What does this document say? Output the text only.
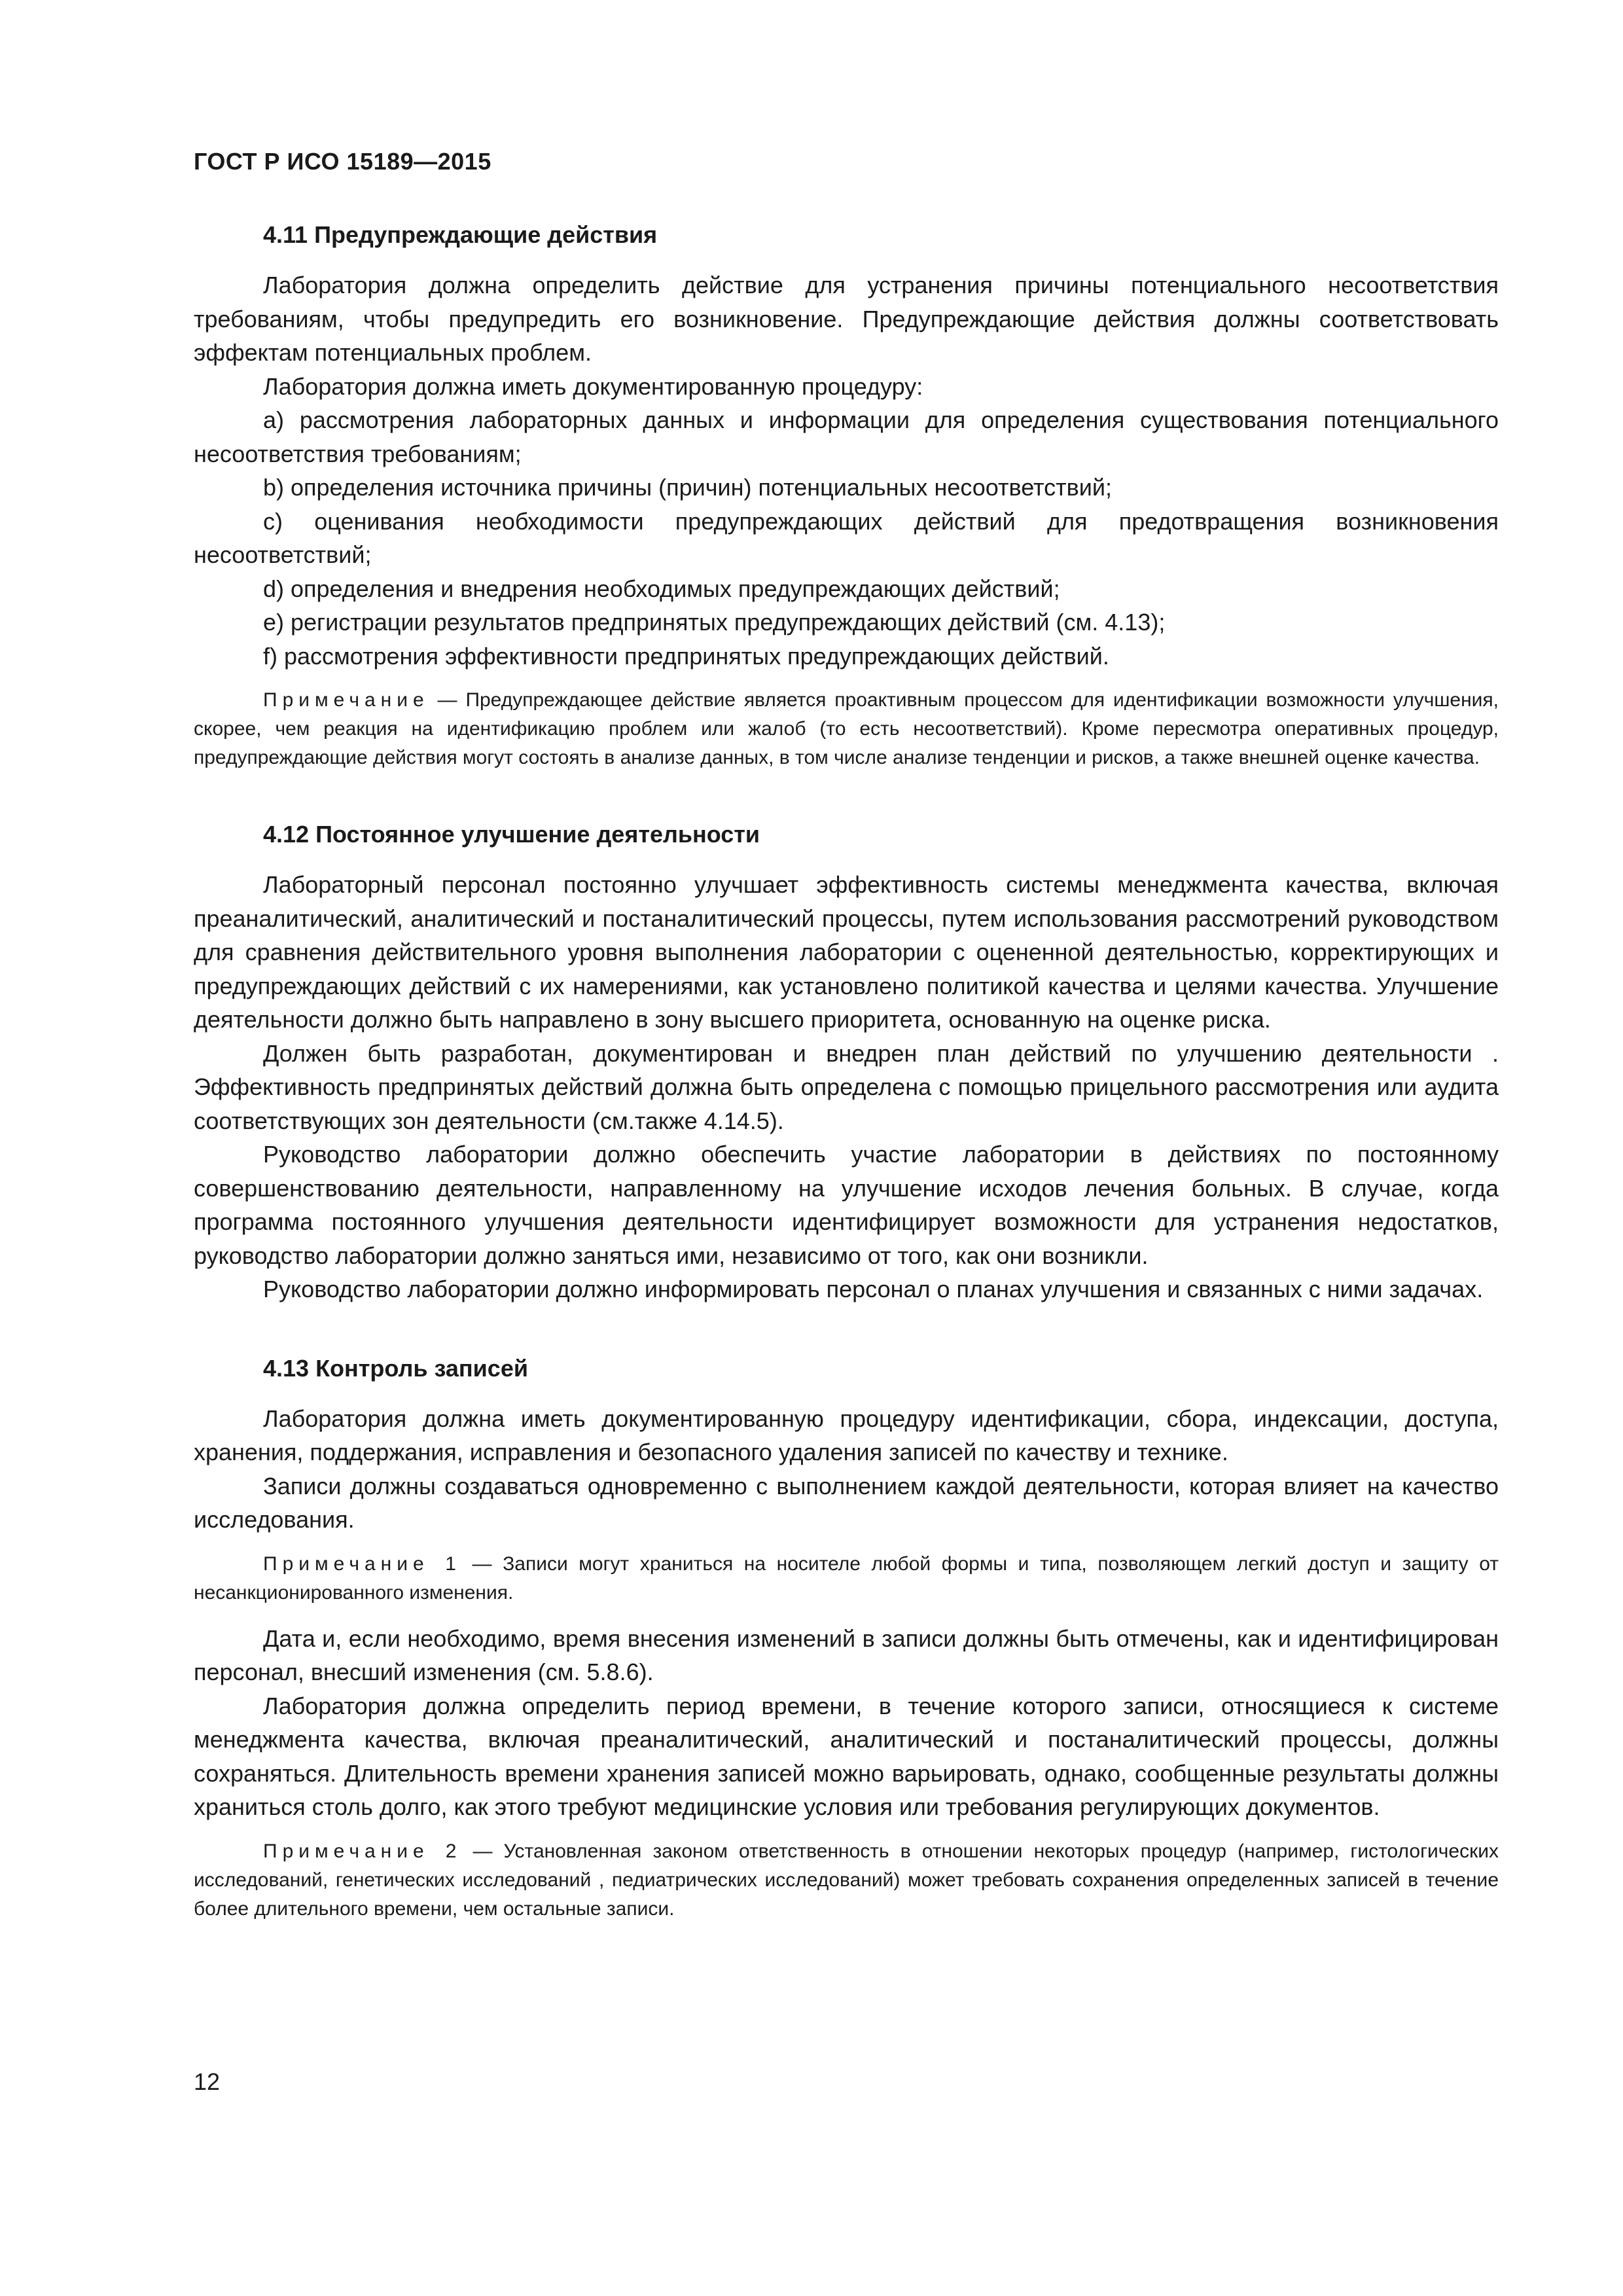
ГОСТ Р ИСО 15189—2015
4.11 Предупреждающие действия

Лаборатория должна определить действие для устранения причины потенциального несоответствия требованиям, чтобы предупредить его возникновение. Предупреждающие действия должны соответствовать эффектам потенциальных проблем.

Лаборатория должна иметь документированную процедуру:

a) рассмотрения лабораторных данных и информации для определения существования потенциального несоответствия требованиям;

b) определения источника причины (причин) потенциальных несоответствий;

c) оценивания необходимости предупреждающих действий для предотвращения возникновения несоответствий;

d) определения и внедрения необходимых предупреждающих действий;

e) регистрации результатов предпринятых предупреждающих действий (см. 4.13);

f) рассмотрения эффективности предпринятых предупреждающих действий.

Примечание — Предупреждающее действие является проактивным процессом для идентификации возможности улучшения, скорее, чем реакция на идентификацию проблем или жалоб (то есть несоответствий). Кроме пересмотра оперативных процедур, предупреждающие действия могут состоять в анализе данных, в том числе анализе тенденции и рисков, а также внешней оценке качества.

4.12 Постоянное улучшение деятельности

Лабораторный персонал постоянно улучшает эффективность системы менеджмента качества, включая преаналитический, аналитический и постаналитический процессы, путем использования рассмотрений руководством для сравнения действительного уровня выполнения лаборатории с оцененной деятельностью, корректирующих и предупреждающих действий с их намерениями, как установлено политикой качества и целями качества. Улучшение деятельности должно быть направлено в зону высшего приоритета, основанную на оценке риска.

Должен быть разработан, документирован и внедрен план действий по улучшению деятельности . Эффективность предпринятых действий должна быть определена с помощью прицельного рассмотрения или аудита соответствующих зон деятельности (см.также 4.14.5).

Руководство лаборатории должно обеспечить участие лаборатории в действиях по постоянному совершенствованию деятельности, направленному на улучшение исходов лечения больных. В случае, когда программа постоянного улучшения деятельности идентифицирует возможности для устранения недостатков, руководство лаборатории должно заняться ими, независимо от того, как они возникли.

Руководство лаборатории должно информировать персонал о планах улучшения и связанных с ними задачах.

4.13 Контроль записей

Лаборатория должна иметь документированную процедуру идентификации, сбора, индексации, доступа, хранения, поддержания, исправления и безопасного удаления записей по качеству и технике.

Записи должны создаваться одновременно с выполнением каждой деятельности, которая влияет на качество исследования.

Примечание 1 — Записи могут храниться на носителе любой формы и типа, позволяющем легкий доступ и защиту от несанкционированного изменения.

Дата и, если необходимо, время внесения изменений в записи должны быть отмечены, как и идентифицирован персонал, внесший изменения (см. 5.8.6).

Лаборатория должна определить период времени, в течение которого записи, относящиеся к системе менеджмента качества, включая преаналитический, аналитический и постаналитический процессы, должны сохраняться. Длительность времени хранения записей можно варьировать, однако, сообщенные результаты должны храниться столь долго, как этого требуют медицинские условия или требования регулирующих документов.

Примечание 2 — Установленная законом ответственность в отношении некоторых процедур (например, гистологических исследований, генетических исследований , педиатрических исследований) может требовать сохранения определенных записей в течение более длительного времени, чем остальные записи.

12
